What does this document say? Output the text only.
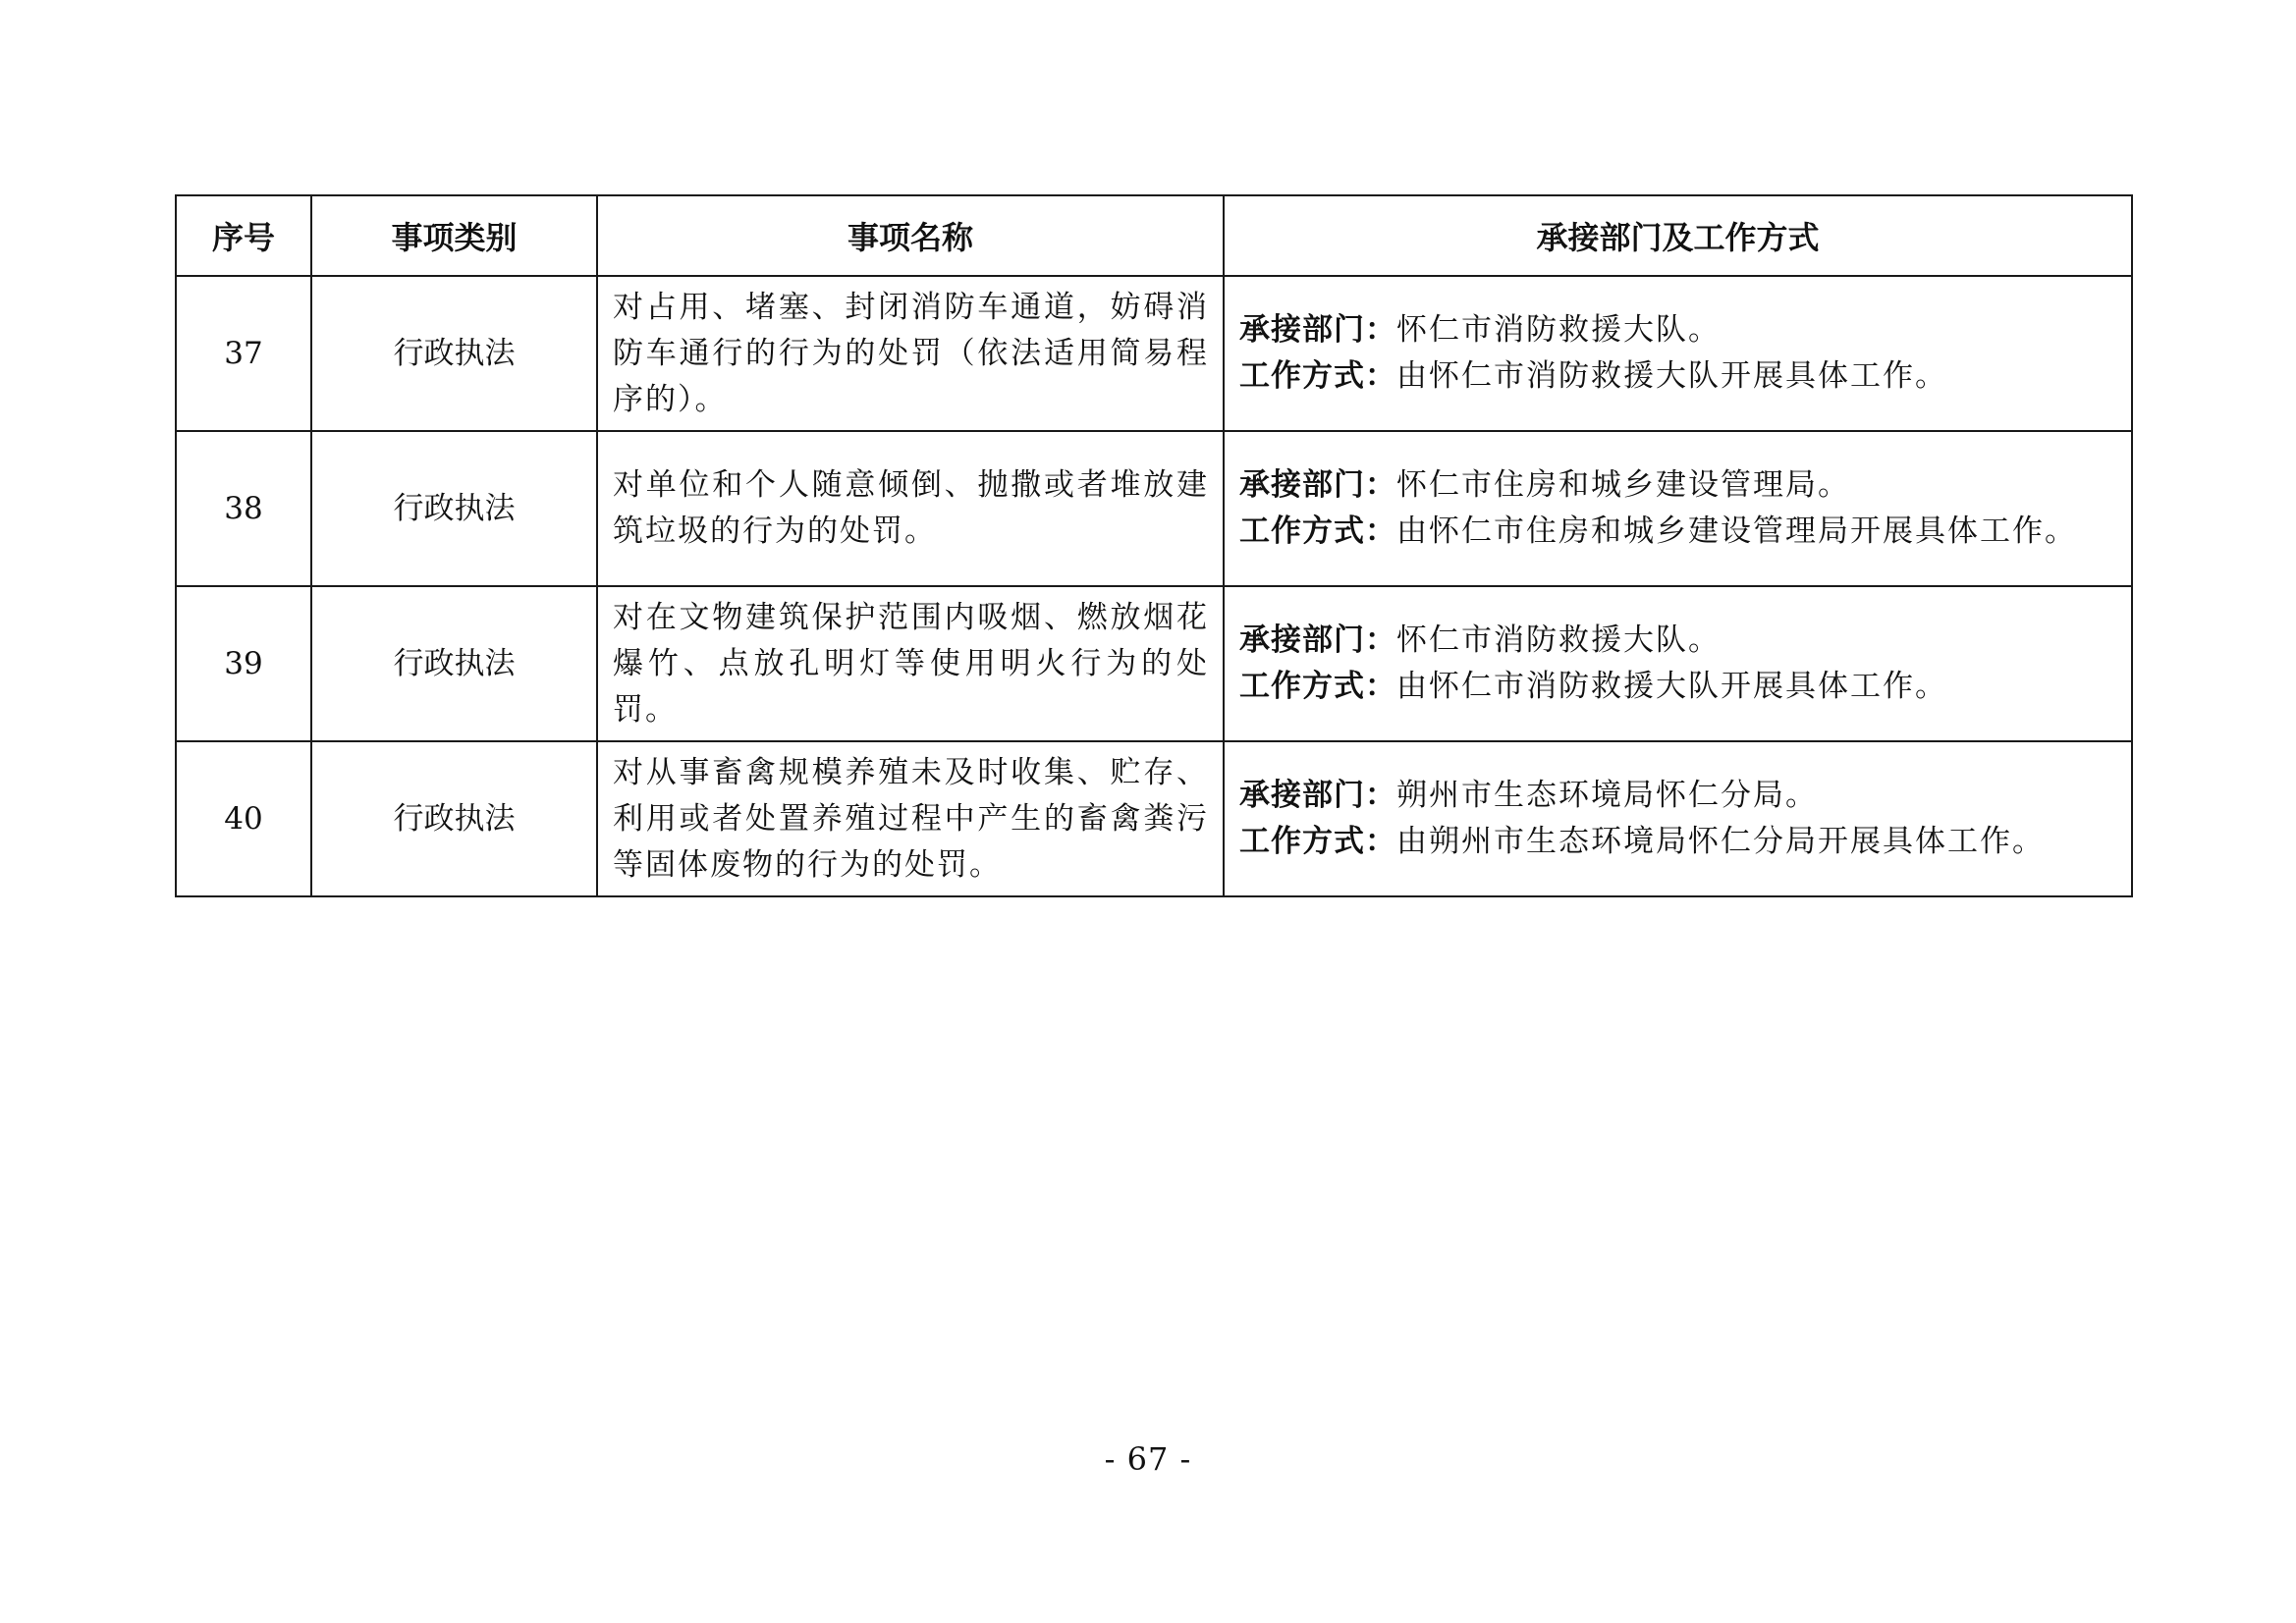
序号	事项类别	事项名称	承接部门及工作方式
37	行政执法	对占用、堵塞、封闭消防车通道，妨碍消防车通行的行为的处罚（依法适用简易程序的）。	承接部门：怀仁市消防救援大队。
工作方式：由怀仁市消防救援大队开展具体工作。

38	行政执法	对单位和个人随意倾倒、抛撒或者堆放建筑垃圾的行为的处罚。	承接部门：怀仁市住房和城乡建设管理局。
工作方式：由怀仁市住房和城乡建设管理局开展具体工作。

39	行政执法	对在文物建筑保护范围内吸烟、燃放烟花爆竹、点放孔明灯等使用明火行为的处罚。	承接部门：怀仁市消防救援大队。
工作方式：由怀仁市消防救援大队开展具体工作。

40	行政执法	对从事畜禽规模养殖未及时收集、贮存、利用或者处置养殖过程中产生的畜禽粪污等固体废物的行为的处罚。	承接部门：朔州市生态环境局怀仁分局。
工作方式：由朔州市生态环境局怀仁分局开展具体工作。
- 67 -
